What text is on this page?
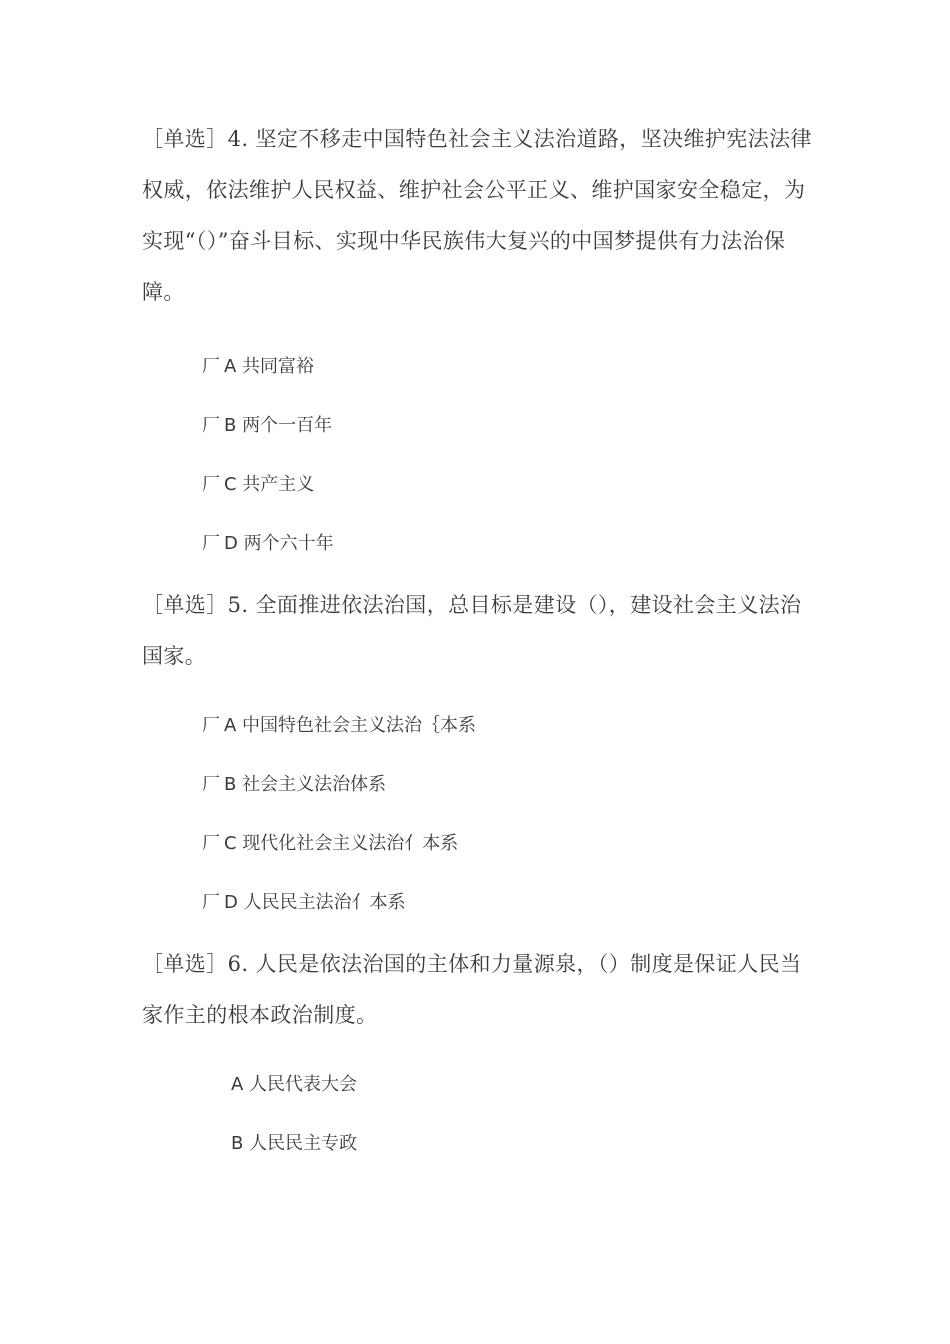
［单选］4. 坚定不移走中国特色社会主义法治道路，坚决维护宪法法律权威，依法维护人民权益、维护社会公平正义、维护国家安全稳定，为实现“（）”奋斗目标、实现中华民族伟大复兴的中国梦提供有力法治保障。

厂 A 共同富裕
厂 B 两个一百年
厂 C 共产主义
厂 D 两个六十年

［单选］5. 全面推进依法治国，总目标是建设（），建设社会主义法治国家。

厂 A 中国特色社会主义法治｛本系
厂 B 社会主义法治体系
厂 C 现代化社会主义法治亻本系
厂 D 人民民主法治亻本系

［单选］6. 人民是依法治国的主体和力量源泉，（）制度是保证人民当家作主的根本政治制度。

A 人民代表大会
B 人民民主专政
